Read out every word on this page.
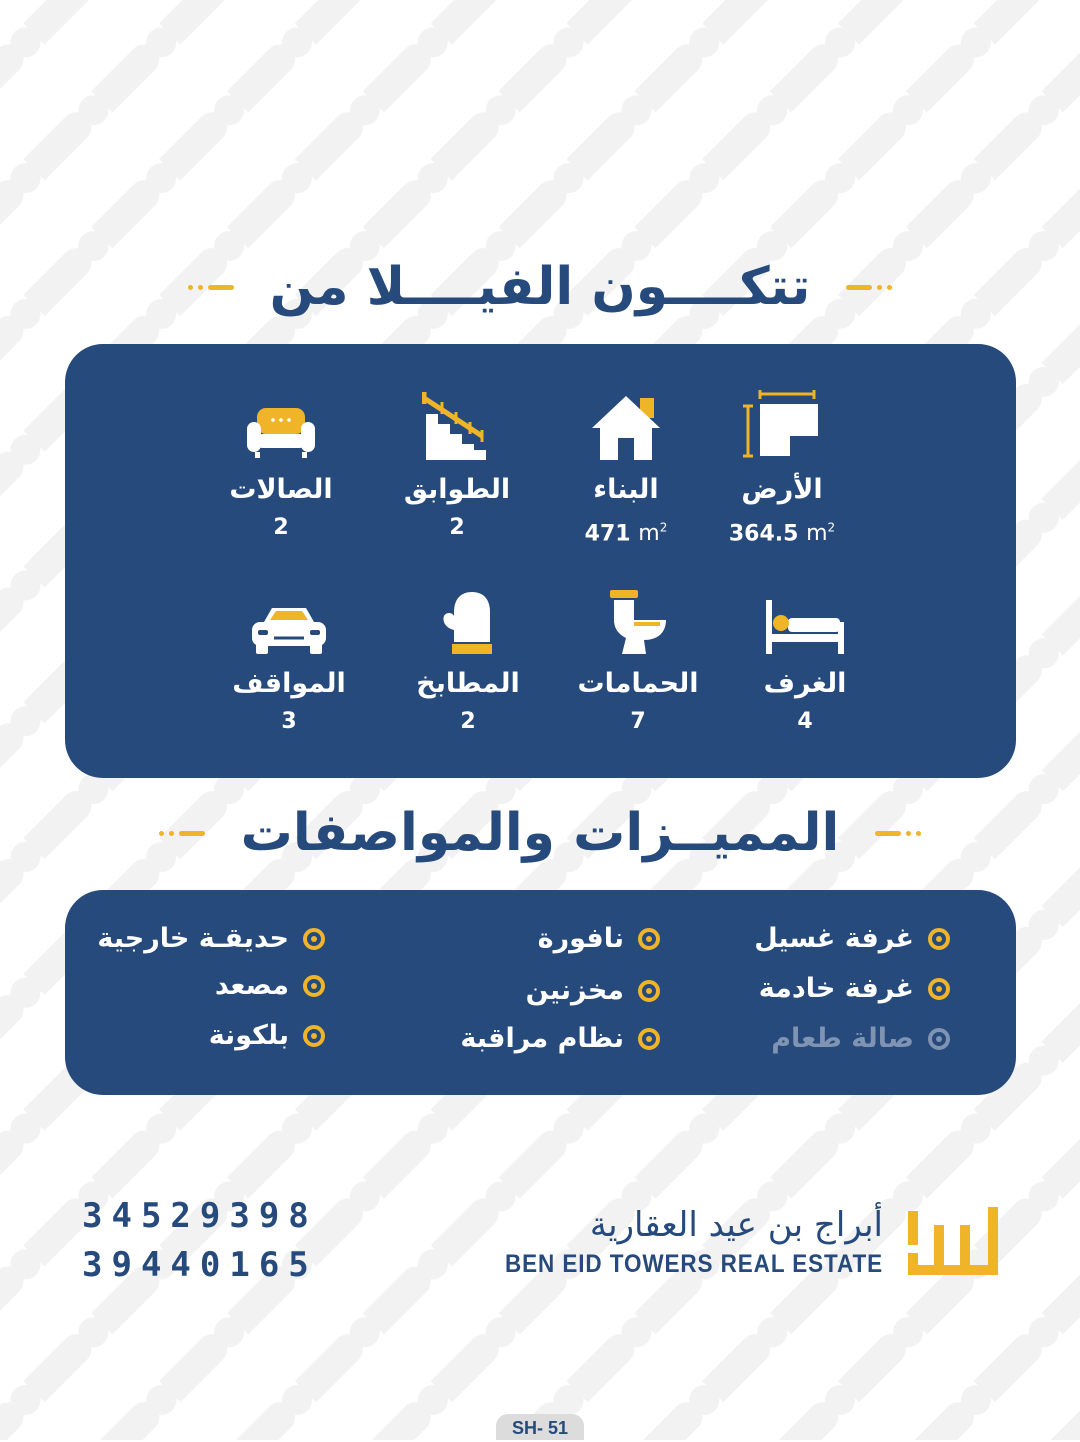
تتكــــون الفيــــلا من
الأرض
364.5 $m^2$
البناء
471 $m^2$
الطوابق
2
الصالات
2
الغرف
4
الحمامات
7
المطابخ
2
المواقف
3
المميــزات والمواصفات
غرفة غسيل
غرفة خادمة
صالة طعام
نافورة
مخزنين
نظام مراقبة
حديقـة خارجية
مصعد
بلكونة
34529398
39440165
أبراج بن عيد العقارية
BEN EID TOWERS REAL ESTATE
SH- 51
